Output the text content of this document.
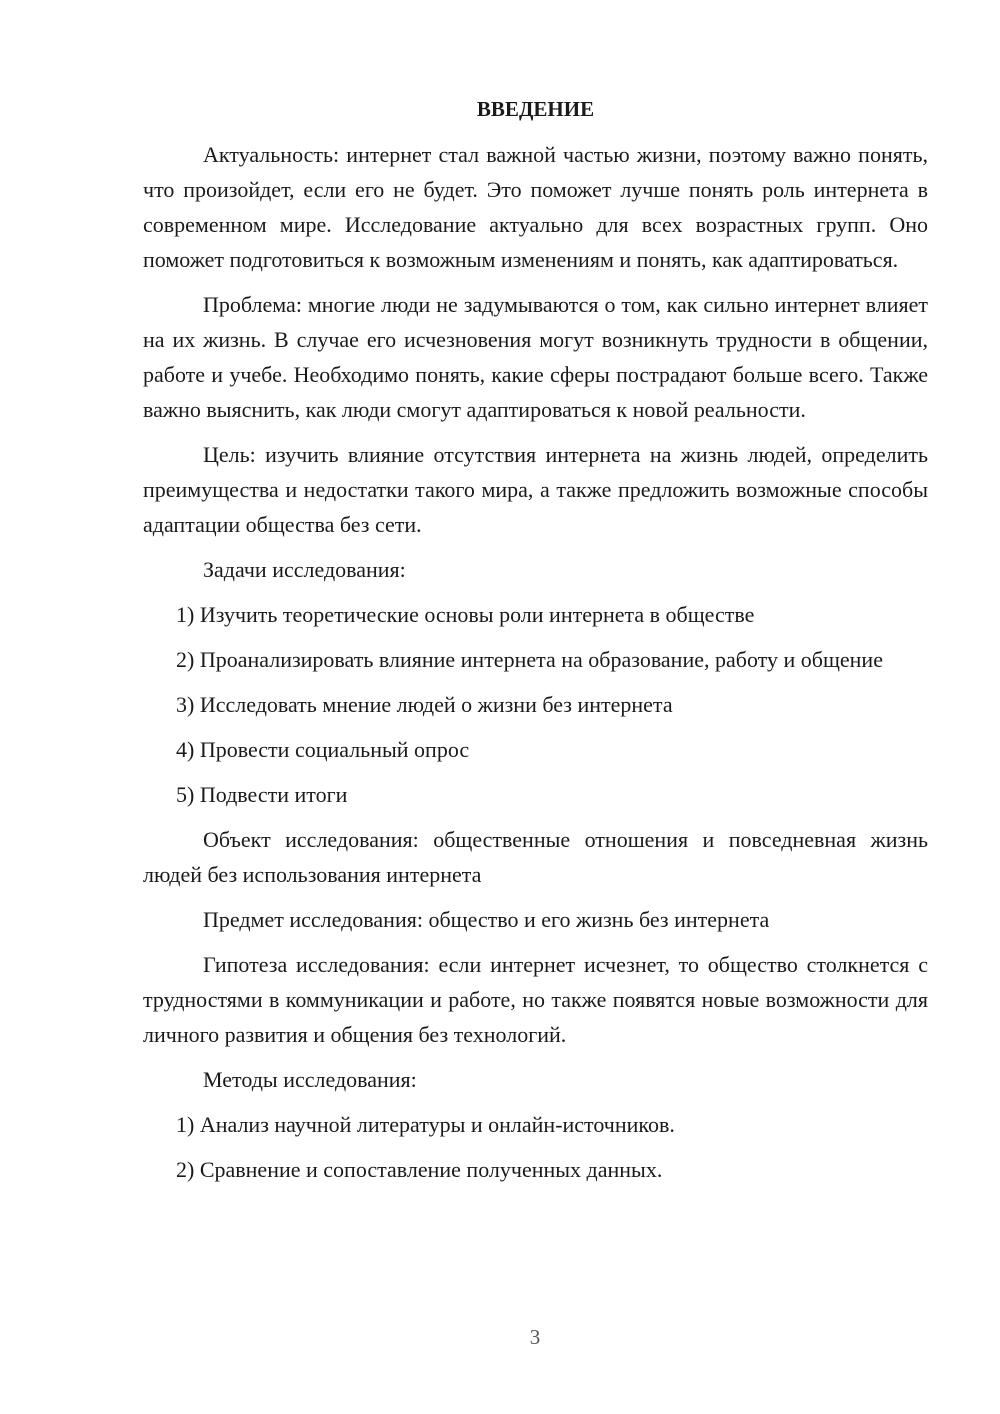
ВВЕДЕНИЕ

Актуальность: интернет стал важной частью жизни, поэтому важно понять, что произойдет, если его не будет. Это поможет лучше понять роль интернета в современном мире. Исследование актуально для всех возрастных групп. Оно поможет подготовиться к возможным изменениям и понять, как адаптироваться.

Проблема: многие люди не задумываются о том, как сильно интернет влияет на их жизнь. В случае его исчезновения могут возникнуть трудности в общении, работе и учебе. Необходимо понять, какие сферы пострадают больше всего. Также важно выяснить, как люди смогут адаптироваться к новой реальности.

Цель: изучить влияние отсутствия интернета на жизнь людей, определить преимущества и недостатки такого мира, а также предложить возможные способы адаптации общества без сети.

Задачи исследования:

1) Изучить теоретические основы роли интернета в обществе

2) Проанализировать влияние интернета на образование, работу и общение

3) Исследовать мнение людей о жизни без интернета

4) Провести социальный опрос

5) Подвести итоги

Объект исследования: общественные отношения и повседневная жизнь людей без использования интернета

Предмет исследования: общество и его жизнь без интернета

Гипотеза исследования: если интернет исчезнет, то общество столкнется с трудностями в коммуникации и работе, но также появятся новые возможности для личного развития и общения без технологий.

Методы исследования:

1) Анализ научной литературы и онлайн-источников.

2) Сравнение и сопоставление полученных данных.

3
